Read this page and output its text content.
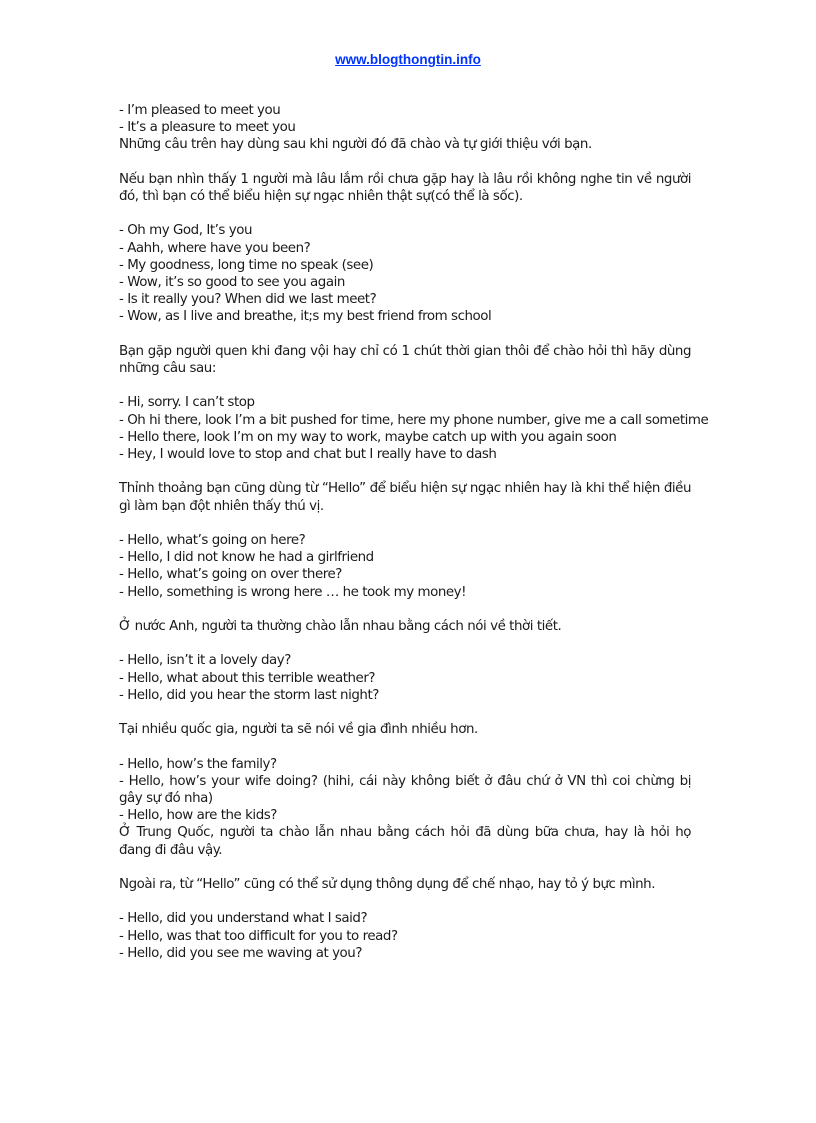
www.blogthongtin.info
- I’m pleased to meet you
- It’s a pleasure to meet you
Những câu trên hay dùng sau khi người đó đã chào và tự giới thiệu với bạn.
Nếu bạn nhìn thấy 1 người mà lâu lắm rồi chưa gặp hay là lâu rồi không nghe tin về người đó, thì bạn có thể biểu hiện sự ngạc nhiên thật sự(có thể là sốc).
- Oh my God, It’s you
- Aahh, where have you been?
- My goodness, long time no speak (see)
- Wow, it’s so good to see you again
- Is it really you? When did we last meet?
- Wow, as I live and breathe, it;s my best friend from school
Bạn gặp người quen khi đang vội hay chỉ có 1 chút thời gian thôi để chào hỏi thì hãy dùng những câu sau:
- Hi, sorry. I can’t stop
- Oh hi there, look I’m a bit pushed for time, here my phone number, give me a call sometime
- Hello there, look I’m on my way to work, maybe catch up with you again soon
- Hey, I would love to stop and chat but I really have to dash
Thỉnh thoảng bạn cũng dùng từ “Hello” để biểu hiện sự ngạc nhiên hay là khi thể hiện điều gì làm bạn đột nhiên thấy thú vị.
- Hello, what’s going on here?
- Hello, I did not know he had a girlfriend
- Hello, what’s going on over there?
- Hello, something is wrong here … he took my money!
Ở nước Anh, người ta thường chào lẫn nhau bằng cách nói về thời tiết.
- Hello, isn’t it a lovely day?
- Hello, what about this terrible weather?
- Hello, did you hear the storm last night?
Tại nhiều quốc gia, người ta sẽ nói về gia đình nhiều hơn.
- Hello, how’s the family?
- Hello, how’s your wife doing? (hihi, cái này không biết ở đâu chứ ở VN thì coi chừng bị gây sự đó nha)
- Hello, how are the kids?
Ở Trung Quốc, người ta chào lẫn nhau bằng cách hỏi đã dùng bữa chưa, hay là hỏi họ đang đi đâu vậy.
Ngoài ra, từ “Hello” cũng có thể sử dụng thông dụng để chế nhạo, hay tỏ ý bực mình.
- Hello, did you understand what I said?
- Hello, was that too difficult for you to read?
- Hello, did you see me waving at you?
